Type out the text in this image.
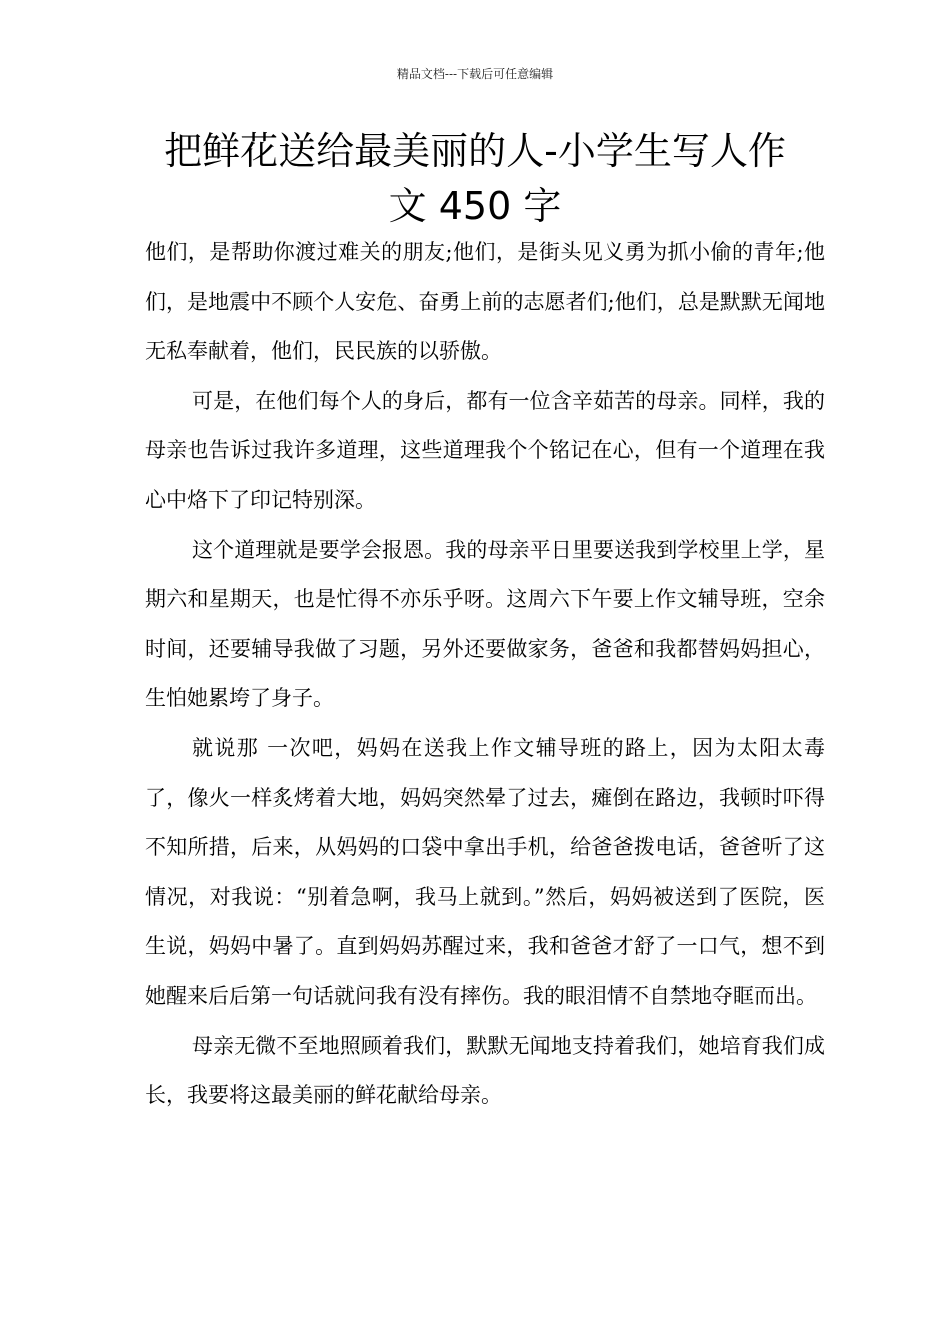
精品文档---下载后可任意编辑
把鲜花送给最美丽的人-小学生写人作
文 450 字

他们，是帮助你渡过难关的朋友;他们，是街头见义勇为抓小偷的青年;他们，是地震中不顾个人安危、奋勇上前的志愿者们;他们，总是默默无闻地无私奉献着，他们，民民族的以骄傲。

可是，在他们每个人的身后，都有一位含辛茹苦的母亲。同样，我的母亲也告诉过我许多道理，这些道理我个个铭记在心，但有一个道理在我心中烙下了印记特别深。

这个道理就是要学会报恩。我的母亲平日里要送我到学校里上学，星期六和星期天，也是忙得不亦乐乎呀。这周六下午要上作文辅导班，空余时间，还要辅导我做了习题，另外还要做家务，爸爸和我都替妈妈担心，生怕她累垮了身子。

就说那 一次吧，妈妈在送我上作文辅导班的路上，因为太阳太毒了，像火一样炙烤着大地，妈妈突然晕了过去，瘫倒在路边，我顿时吓得不知所措，后来，从妈妈的口袋中拿出手机，给爸爸拨电话，爸爸听了这情况，对我说：“别着急啊，我马上就到。”然后，妈妈被送到了医院，医生说，妈妈中暑了。直到妈妈苏醒过来，我和爸爸才舒了一口气，想不到她醒来后后第一句话就问我有没有摔伤。我的眼泪情不自禁地夺眶而出。

母亲无微不至地照顾着我们，默默无闻地支持着我们，她培育我们成长，我要将这最美丽的鲜花献给母亲。
